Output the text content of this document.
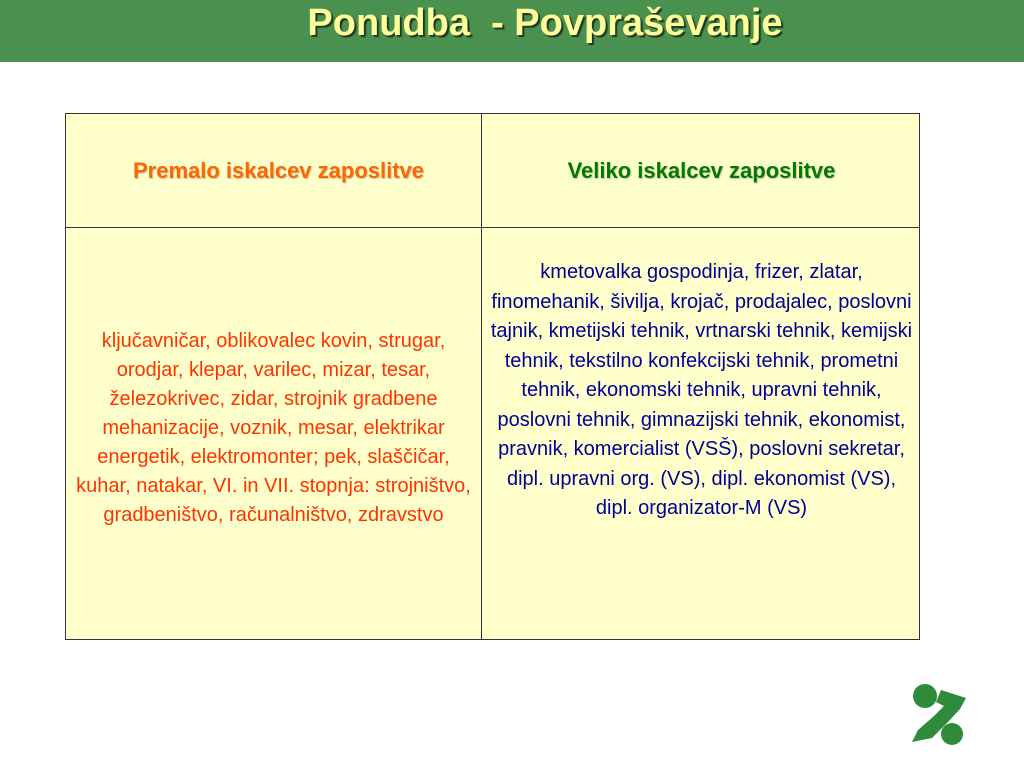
Ponudba  - Povpraševanje
Premalo iskalcev zaposlitve	Veliko iskalcev zaposlitve
ključavničar, oblikovalec kovin, strugar, orodjar, klepar, varilec, mizar, tesar, železokrivec, zidar, strojnik gradbene mehanizacije, voznik, mesar, elektrikar energetik, elektromonter; pek, slaščičar, kuhar, natakar, VI. in VII. stopnja: strojništvo, gradbeništvo, računalništvo, zdravstvo
kmetovalka gospodinja, frizer, zlatar, finomehanik, šivilja, krojač, prodajalec, poslovni tajnik, kmetijski tehnik, vrtnarski tehnik, kemijski tehnik, tekstilno konfekcijski tehnik, prometni tehnik, ekonomski tehnik, upravni tehnik, poslovni tehnik, gimnazijski tehnik, ekonomist, pravnik, komercialist (VSŠ), poslovni sekretar, dipl. upravni org. (VS), dipl. ekonomist (VS), dipl. organizator-M (VS)
